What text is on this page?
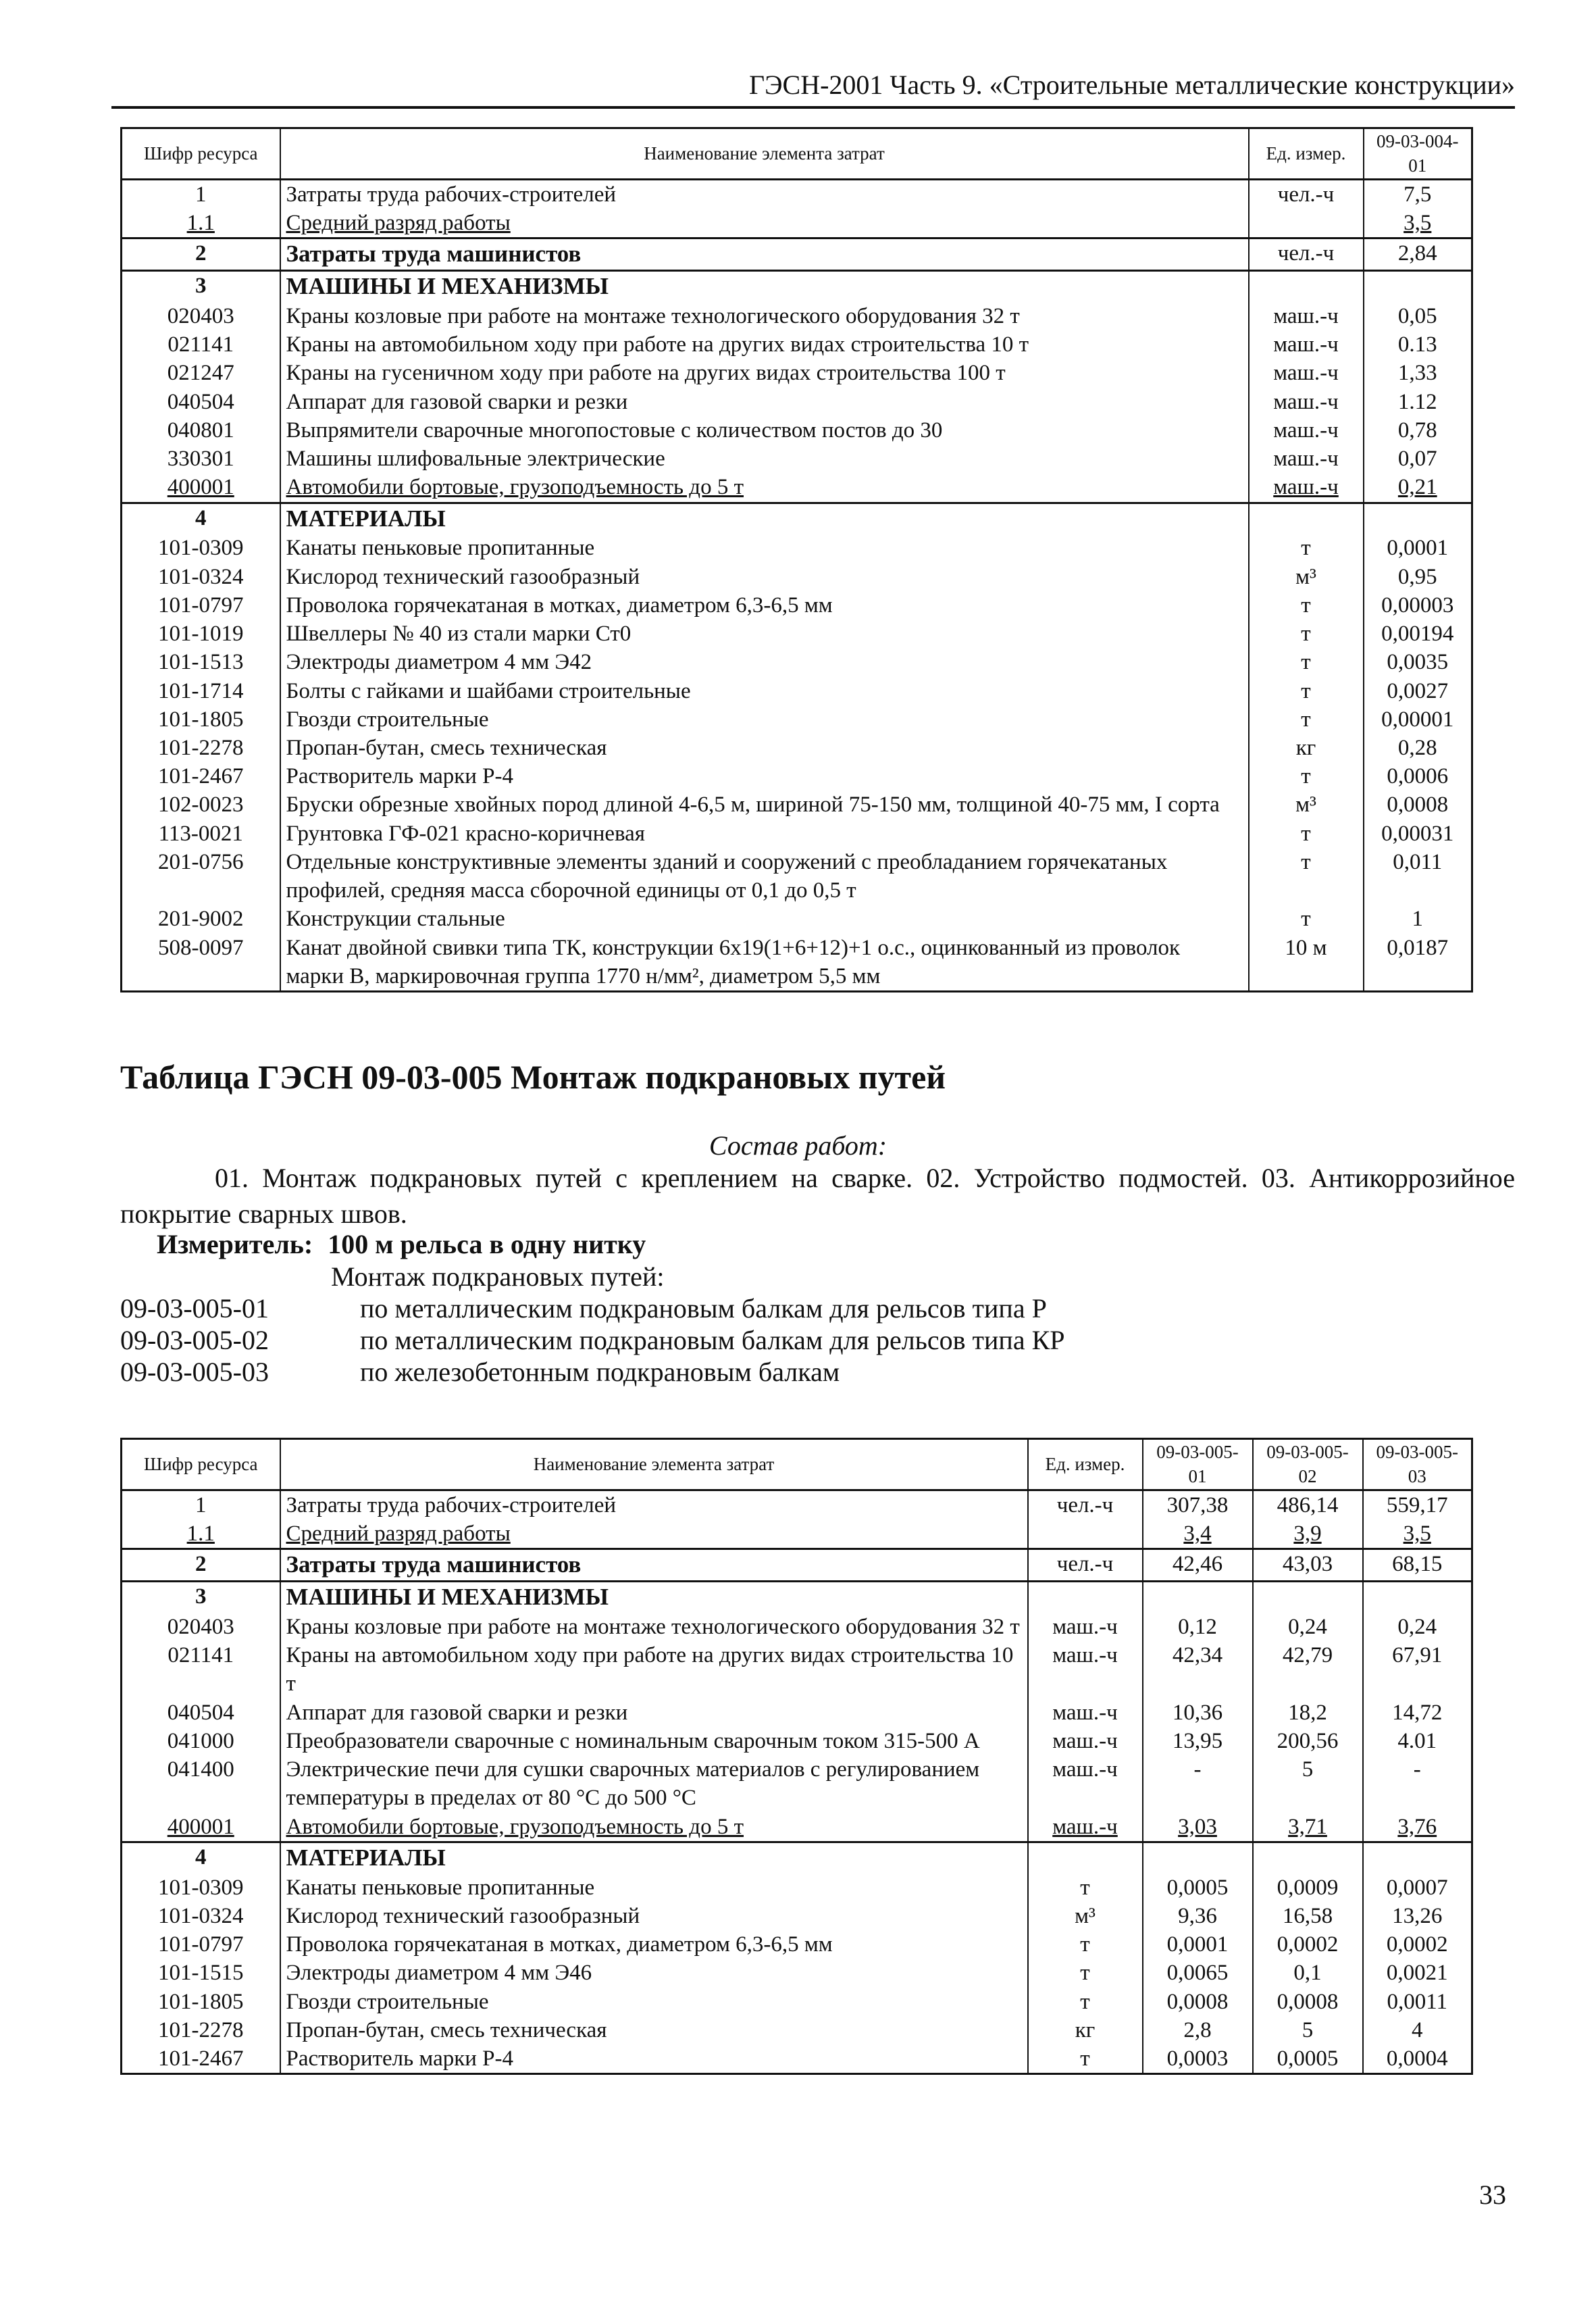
ГЭСН-2001 Часть 9. «Строительные металлические конструкции»
Шифр ресурса	Наименование элемента затрат	Ед. измер.	09-03-004-01
1	Затраты труда рабочих-строителей	чел.-ч	7,5
1.1	Средний разряд работы		3,5
2	Затраты труда машинистов	чел.-ч	2,84
3	МАШИНЫ И МЕХАНИЗМЫ		
020403	Краны козловые при работе на монтаже технологического оборудования 32 т	маш.-ч	0,05
021141	Краны на автомобильном ходу при работе на других видах строительства 10 т	маш.-ч	0.13
021247	Краны на гусеничном ходу при работе на других видах строительства 100 т	маш.-ч	1,33
040504	Аппарат для газовой сварки и резки	маш.-ч	1.12
040801	Выпрямители сварочные многопостовые с количеством постов до 30	маш.-ч	0,78
330301	Машины шлифовальные электрические	маш.-ч	0,07
400001	Автомобили бортовые, грузоподъемность до 5 т	маш.-ч	0,21
4	МАТЕРИАЛЫ		
101-0309	Канаты пеньковые пропитанные	т	0,0001
101-0324	Кислород технический газообразный	м³	0,95
101-0797	Проволока горячекатаная в мотках, диаметром 6,3-6,5 мм	т	0,00003
101-1019	Швеллеры № 40 из стали марки Ст0	т	0,00194
101-1513	Электроды диаметром 4 мм Э42	т	0,0035
101-1714	Болты с гайками и шайбами строительные	т	0,0027
101-1805	Гвозди строительные	т	0,00001
101-2278	Пропан-бутан, смесь техническая	кг	0,28
101-2467	Растворитель марки Р-4	т	0,0006
102-0023	Бруски обрезные хвойных пород длиной 4-6,5 м, шириной 75-150 мм, толщиной 40-75 мм, I сорта	м³	0,0008
113-0021	Грунтовка ГФ-021 красно-коричневая	т	0,00031
201-0756	Отдельные конструктивные элементы зданий и сооружений с преобладанием горячекатаных профилей, средняя масса сборочной единицы от 0,1 до 0,5 т	т	0,011
201-9002	Конструкции стальные	т	1
508-0097	Канат двойной свивки типа ТК, конструкции 6х19(1+6+12)+1 о.с., оцинкованный из проволок марки В, маркировочная группа 1770 н/мм², диаметром 5,5 мм	10 м	0,0187
Таблица ГЭСН 09-03-005 Монтаж подкрановых путей
Состав работ:
01. Монтаж подкрановых путей с креплением на сварке. 02. Устройство подмостей. 03. Антикоррозийное покрытие сварных швов.
Измеритель: 100 м рельса в одну нитку
Монтаж подкрановых путей:
09-03-005-01	по металлическим подкрановым балкам для рельсов типа Р
09-03-005-02	по металлическим подкрановым балкам для рельсов типа КР
09-03-005-03	по железобетонным подкрановым балкам
Шифр ресурса	Наименование элемента затрат	Ед. измер.	09-03-005-01	09-03-005-02	09-03-005-03
1	Затраты труда рабочих-строителей	чел.-ч	307,38	486,14	559,17
1.1	Средний разряд работы		3,4	3,9	3,5
2	Затраты труда машинистов	чел.-ч	42,46	43,03	68,15
3	МАШИНЫ И МЕХАНИЗМЫ				
020403	Краны козловые при работе на монтаже технологического оборудования 32 т	маш.-ч	0,12	0,24	0,24
021141	Краны на автомобильном ходу при работе на других видах строительства 10 т	маш.-ч	42,34	42,79	67,91
040504	Аппарат для газовой сварки и резки	маш.-ч	10,36	18,2	14,72
041000	Преобразователи сварочные с номинальным сварочным током 315-500 А	маш.-ч	13,95	200,56	4.01
041400	Электрические печи для сушки сварочных материалов с регулированием температуры в пределах от 80 °С до 500 °С	маш.-ч	-	5	-
400001	Автомобили бортовые, грузоподъемность до 5 т	маш.-ч	3,03	3,71	3,76
4	МАТЕРИАЛЫ				
101-0309	Канаты пеньковые пропитанные	т	0,0005	0,0009	0,0007
101-0324	Кислород технический газообразный	м³	9,36	16,58	13,26
101-0797	Проволока горячекатаная в мотках, диаметром 6,3-6,5 мм	т	0,0001	0,0002	0,0002
101-1515	Электроды диаметром 4 мм Э46	т	0,0065	0,1	0,0021
101-1805	Гвозди строительные	т	0,0008	0,0008	0,0011
101-2278	Пропан-бутан, смесь техническая	кг	2,8	5	4
101-2467	Растворитель марки Р-4	т	0,0003	0,0005	0,0004
33
